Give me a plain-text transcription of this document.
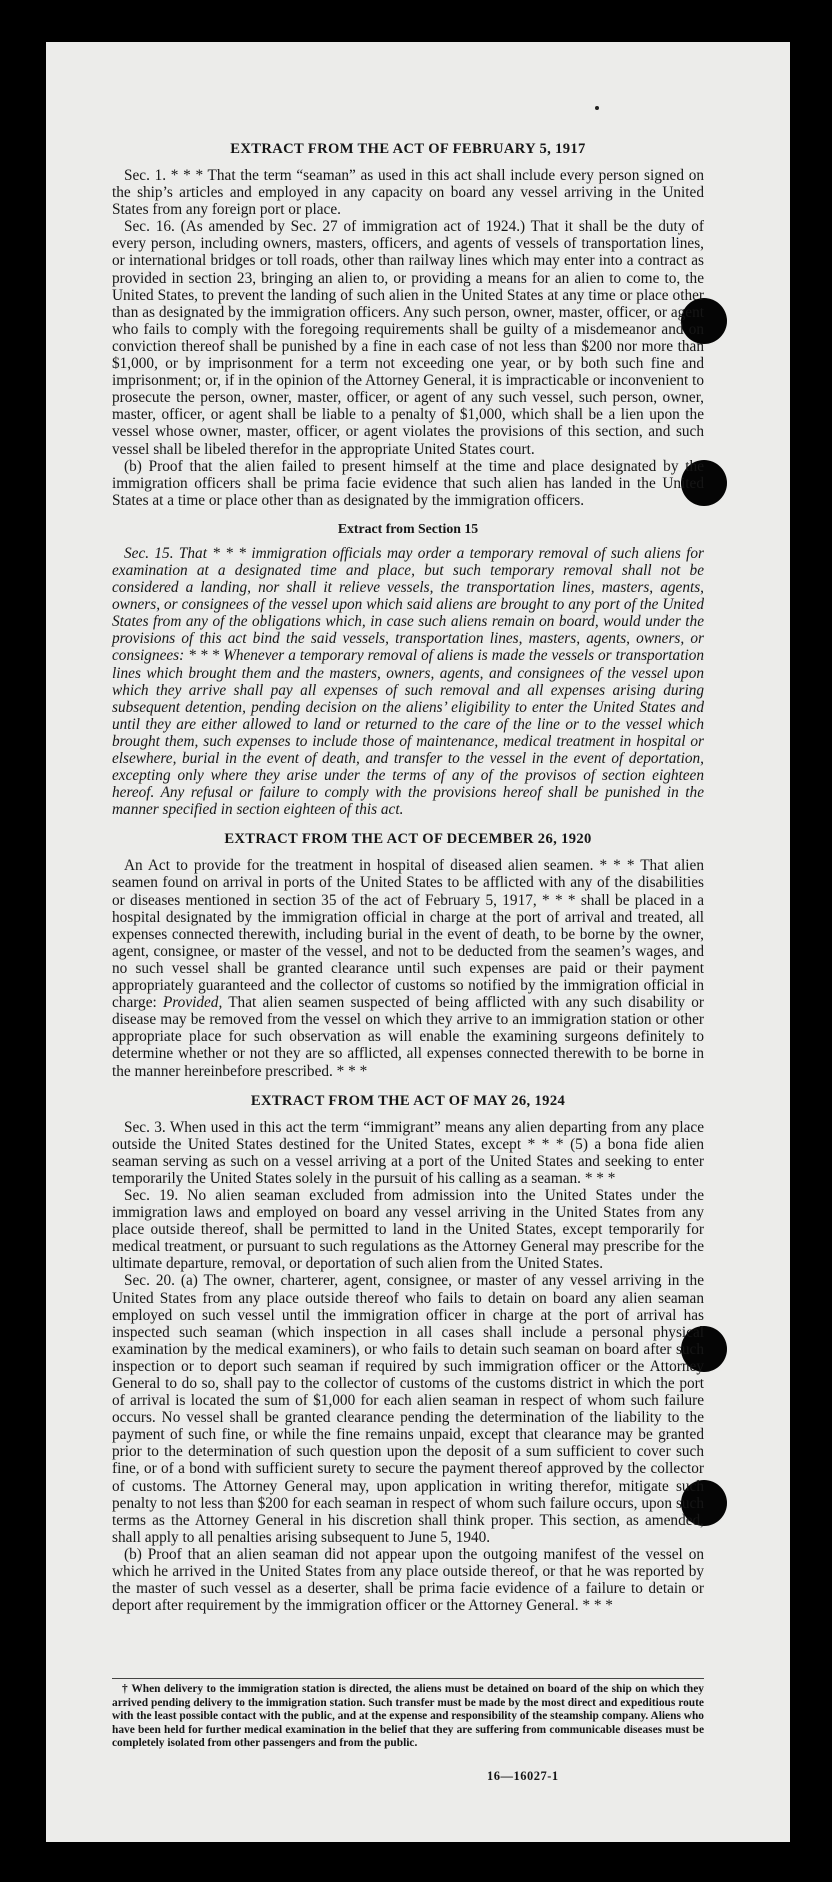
EXTRACT FROM THE ACT OF FEBRUARY 5, 1917

Sec. 1. * * * That the term “seaman” as used in this act shall include every person signed on the ship’s articles and employed in any capacity on board any vessel arriving in the United States from any foreign port or place.

Sec. 16. (As amended by Sec. 27 of immigration act of 1924.) That it shall be the duty of every person, including owners, masters, officers, and agents of vessels of transportation lines, or international bridges or toll roads, other than railway lines which may enter into a contract as provided in section 23, bringing an alien to, or providing a means for an alien to come to, the United States, to prevent the landing of such alien in the United States at any time or place other than as designated by the immigration officers. Any such person, owner, master, officer, or agent who fails to comply with the foregoing requirements shall be guilty of a misdemeanor and on conviction thereof shall be punished by a fine in each case of not less than $200 nor more than $1,000, or by imprisonment for a term not exceeding one year, or by both such fine and imprisonment; or, if in the opinion of the Attorney General, it is impracticable or inconvenient to prosecute the person, owner, master, officer, or agent of any such vessel, such person, owner, master, officer, or agent shall be liable to a penalty of $1,000, which shall be a lien upon the vessel whose owner, master, officer, or agent violates the provisions of this section, and such vessel shall be libeled therefor in the appropriate United States court.

(b) Proof that the alien failed to present himself at the time and place designated by the immigration officers shall be prima facie evidence that such alien has landed in the United States at a time or place other than as designated by the immigration officers.

Extract from Section 15

Sec. 15. That * * * immigration officials may order a temporary removal of such aliens for examination at a designated time and place, but such temporary removal shall not be considered a landing, nor shall it relieve vessels, the transportation lines, masters, agents, owners, or consignees of the vessel upon which said aliens are brought to any port of the United States from any of the obligations which, in case such aliens remain on board, would under the provisions of this act bind the said vessels, transportation lines, masters, agents, owners, or consignees: * * * Whenever a temporary removal of aliens is made the vessels or transportation lines which brought them and the masters, owners, agents, and consignees of the vessel upon which they arrive shall pay all expenses of such removal and all expenses arising during subsequent detention, pending decision on the aliens’ eligibility to enter the United States and until they are either allowed to land or returned to the care of the line or to the vessel which brought them, such expenses to include those of maintenance, medical treatment in hospital or elsewhere, burial in the event of death, and transfer to the vessel in the event of deportation, excepting only where they arise under the terms of any of the provisos of section eighteen hereof. Any refusal or failure to comply with the provisions hereof shall be punished in the manner specified in section eighteen of this act.

EXTRACT FROM THE ACT OF DECEMBER 26, 1920

An Act to provide for the treatment in hospital of diseased alien seamen. * * * That alien seamen found on arrival in ports of the United States to be afflicted with any of the disabilities or diseases mentioned in section 35 of the act of February 5, 1917, * * * shall be placed in a hospital designated by the immigration official in charge at the port of arrival and treated, all expenses connected therewith, including burial in the event of death, to be borne by the owner, agent, consignee, or master of the vessel, and not to be deducted from the seamen’s wages, and no such vessel shall be granted clearance until such expenses are paid or their payment appropriately guaranteed and the collector of customs so notified by the immigration official in charge: Provided, That alien seamen suspected of being afflicted with any such disability or disease may be removed from the vessel on which they arrive to an immigration station or other appropriate place for such observation as will enable the examining surgeons definitely to determine whether or not they are so afflicted, all expenses connected therewith to be borne in the manner hereinbefore prescribed. * * *

EXTRACT FROM THE ACT OF MAY 26, 1924

Sec. 3. When used in this act the term “immigrant” means any alien departing from any place outside the United States destined for the United States, except * * * (5) a bona fide alien seaman serving as such on a vessel arriving at a port of the United States and seeking to enter temporarily the United States solely in the pursuit of his calling as a seaman. * * *

Sec. 19. No alien seaman excluded from admission into the United States under the immigration laws and employed on board any vessel arriving in the United States from any place outside thereof, shall be permitted to land in the United States, except temporarily for medical treatment, or pursuant to such regulations as the Attorney General may prescribe for the ultimate departure, removal, or deportation of such alien from the United States.

Sec. 20. (a) The owner, charterer, agent, consignee, or master of any vessel arriving in the United States from any place outside thereof who fails to detain on board any alien seaman employed on such vessel until the immigration officer in charge at the port of arrival has inspected such seaman (which inspection in all cases shall include a personal physical examination by the medical examiners), or who fails to detain such seaman on board after such inspection or to deport such seaman if required by such immigration officer or the Attorney General to do so, shall pay to the collector of customs of the customs district in which the port of arrival is located the sum of $1,000 for each alien seaman in respect of whom such failure occurs. No vessel shall be granted clearance pending the determination of the liability to the payment of such fine, or while the fine remains unpaid, except that clearance may be granted prior to the determination of such question upon the deposit of a sum sufficient to cover such fine, or of a bond with sufficient surety to secure the payment thereof approved by the collector of customs. The Attorney General may, upon application in writing therefor, mitigate such penalty to not less than $200 for each seaman in respect of whom such failure occurs, upon such terms as the Attorney General in his discretion shall think proper. This section, as amended, shall apply to all penalties arising subsequent to June 5, 1940.

(b) Proof that an alien seaman did not appear upon the outgoing manifest of the vessel on which he arrived in the United States from any place outside thereof, or that he was reported by the master of such vessel as a deserter, shall be prima facie evidence of a failure to detain or deport after requirement by the immigration officer or the Attorney General. * * *

† When delivery to the immigration station is directed, the aliens must be detained on board of the ship on which they arrived pending delivery to the immigration station. Such transfer must be made by the most direct and expeditious route with the least possible contact with the public, and at the expense and responsibility of the steamship company. Aliens who have been held for further medical examination in the belief that they are suffering from communicable diseases must be completely isolated from other passengers and from the public.

16—16027-1
